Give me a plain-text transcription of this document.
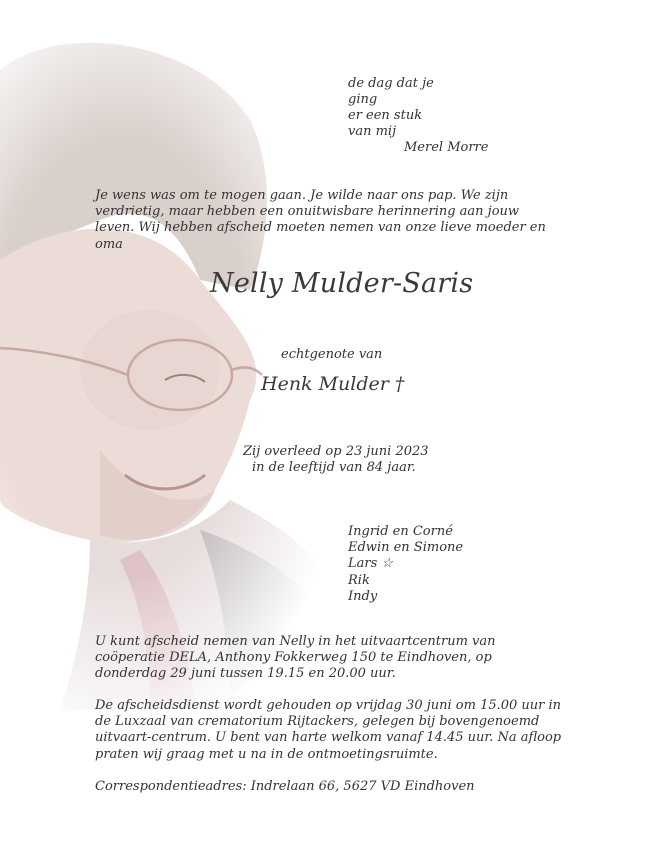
de dag dat je
ging
er een stuk
van mij
Merel Morre
Je wens was om te mogen gaan. Je wilde naar ons pap. We zijn verdrietig, maar hebben een onuitwisbare herinnering aan jouw leven. Wij hebben afscheid moeten nemen van onze lieve moeder en oma
Nelly Mulder-Saris
echtgenote van
Henk Mulder †
Zij overleed op 23 juni 2023
in de leeftijd van 84 jaar.
Ingrid en Corné
Edwin en Simone
Lars ☆
Rik
Indy
U kunt afscheid nemen van Nelly in het uitvaartcentrum van coöperatie DELA, Anthony Fokkerweg 150 te Eindhoven, op donderdag 29 juni tussen 19.15 en 20.00 uur.
De afscheidsdienst wordt gehouden op vrijdag 30 juni om 15.00 uur in de Luxzaal van crematorium Rijtackers, gelegen bij bovengenoemd uitvaart-centrum. U bent van harte welkom vanaf 14.45 uur. Na afloop praten wij graag met u na in de ontmoetingsruimte.
Correspondentieadres: Indrelaan 66, 5627 VD Eindhoven
